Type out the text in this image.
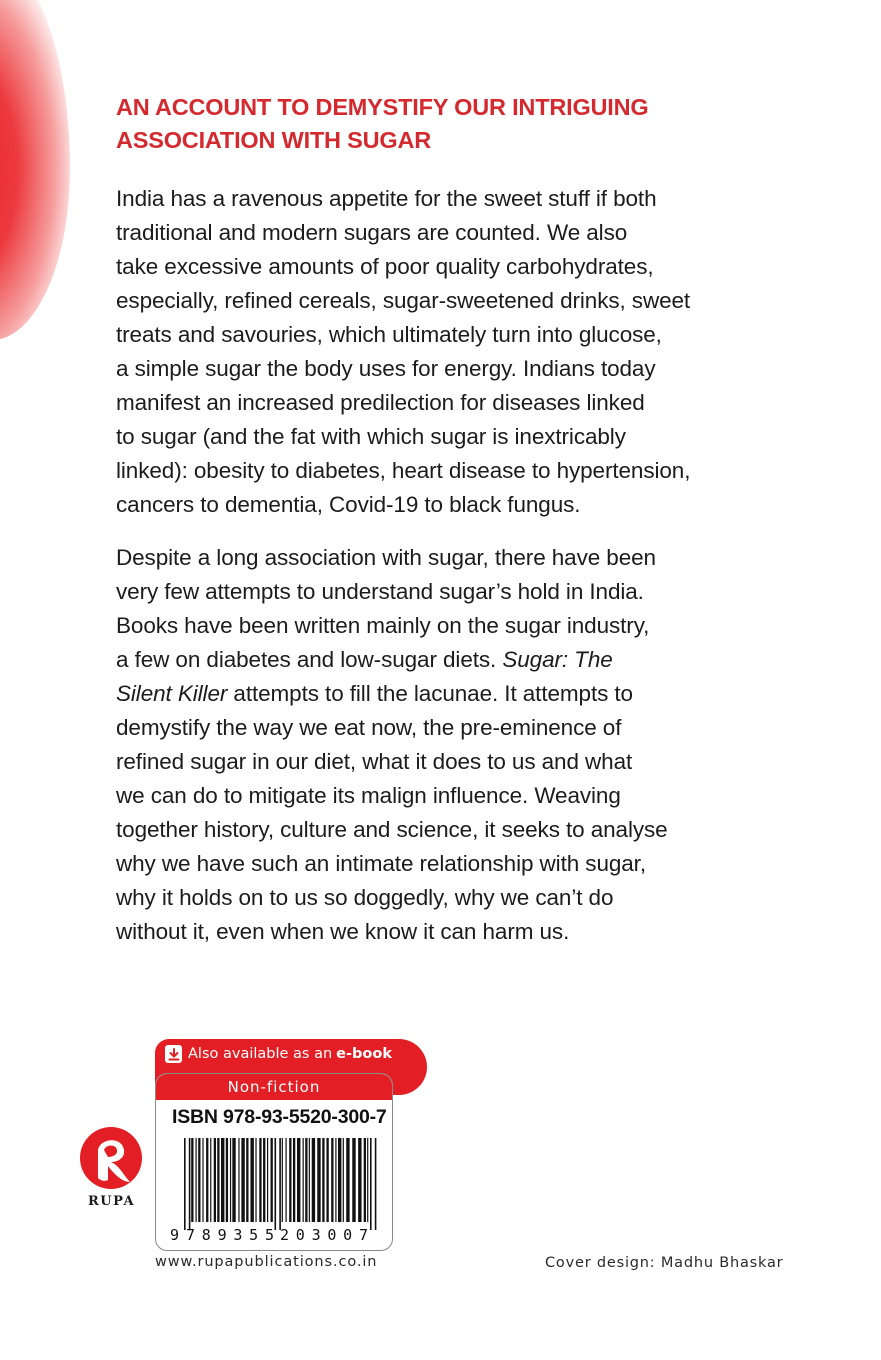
AN ACCOUNT TO DEMYSTIFY OUR INTRIGUING
ASSOCIATION WITH SUGAR

India has a ravenous appetite for the sweet stuff if both
traditional and modern sugars are counted. We also
take excessive amounts of poor quality carbohydrates,
especially, refined cereals, sugar-sweetened drinks, sweet
treats and savouries, which ultimately turn into glucose,
a simple sugar the body uses for energy. Indians today
manifest an increased predilection for diseases linked
to sugar (and the fat with which sugar is inextricably
linked): obesity to diabetes, heart disease to hypertension,
cancers to dementia, Covid-19 to black fungus.

Despite a long association with sugar, there have been
very few attempts to understand sugar’s hold in India.
Books have been written mainly on the sugar industry,
a few on diabetes and low-sugar diets. Sugar: The
Silent Killer attempts to fill the lacunae. It attempts to
demystify the way we eat now, the pre-eminence of
refined sugar in our diet, what it does to us and what
we can do to mitigate its malign influence. Weaving
together history, culture and science, it seeks to analyse
why we have such an intimate relationship with sugar,
why it holds on to us so doggedly, why we can’t do
without it, even when we know it can harm us.

Also available as an e-book
Non-fiction
ISBN 978-93-5520-300-7
9 789355 203007
RUPA
www.rupapublications.co.in	Cover design: Madhu Bhaskar
